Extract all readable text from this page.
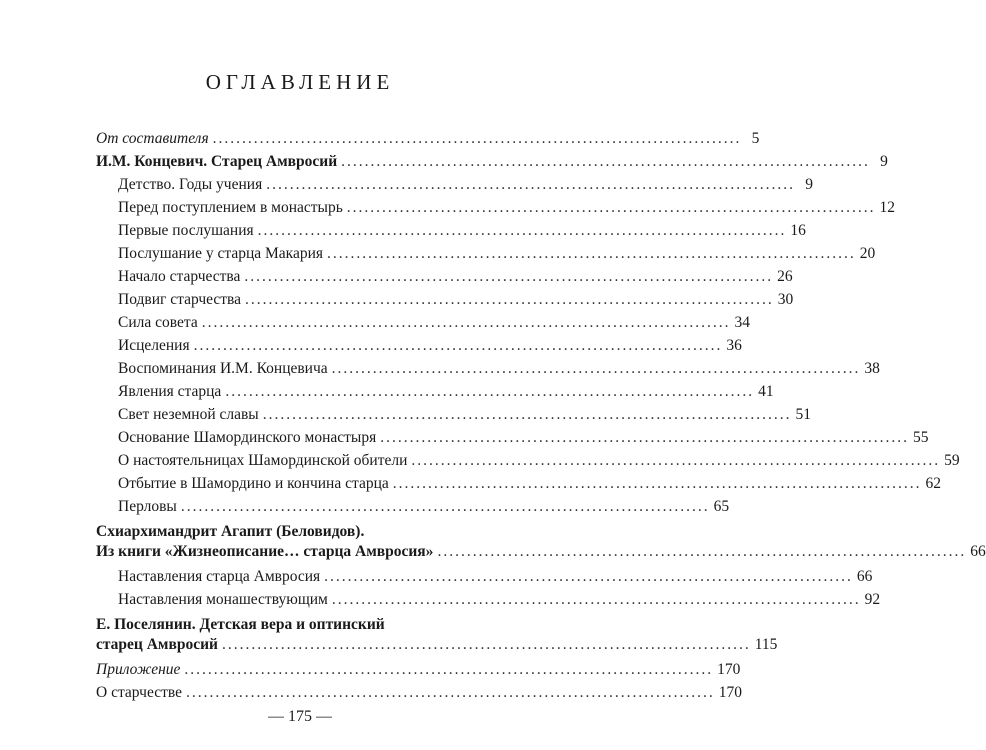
ОГЛАВЛЕНИЕ
От составителя .......................................................................................... 5
И.М. Концевич. Старец Амвросий .......................................................................................... 9
Детство. Годы учения .......................................................................................... 9
Перед поступлением в монастырь .......................................................................................... 12
Первые послушания .......................................................................................... 16
Послушание у старца Макария .......................................................................................... 20
Начало старчества .......................................................................................... 26
Подвиг старчества .......................................................................................... 30
Сила совета .......................................................................................... 34
Исцеления .......................................................................................... 36
Воспоминания И.М. Концевича .......................................................................................... 38
Явления старца .......................................................................................... 41
Свет неземной славы .......................................................................................... 51
Основание Шамординского монастыря .......................................................................................... 55
О настоятельницах Шамординской обители .......................................................................................... 59
Отбытие в Шамордино и кончина старца .......................................................................................... 62
Перловы .......................................................................................... 65
Схиархимандрит Агапит (Беловидов).
Из книги «Жизнеописание… старца Амвросия» .......................................................................................... 66
Наставления старца Амвросия .......................................................................................... 66
Наставления монашествующим .......................................................................................... 92
Е. Поселянин. Детская вера и оптинский
старец Амвросий .......................................................................................... 115
Приложение .......................................................................................... 170
О старчестве .......................................................................................... 170
— 175 —
